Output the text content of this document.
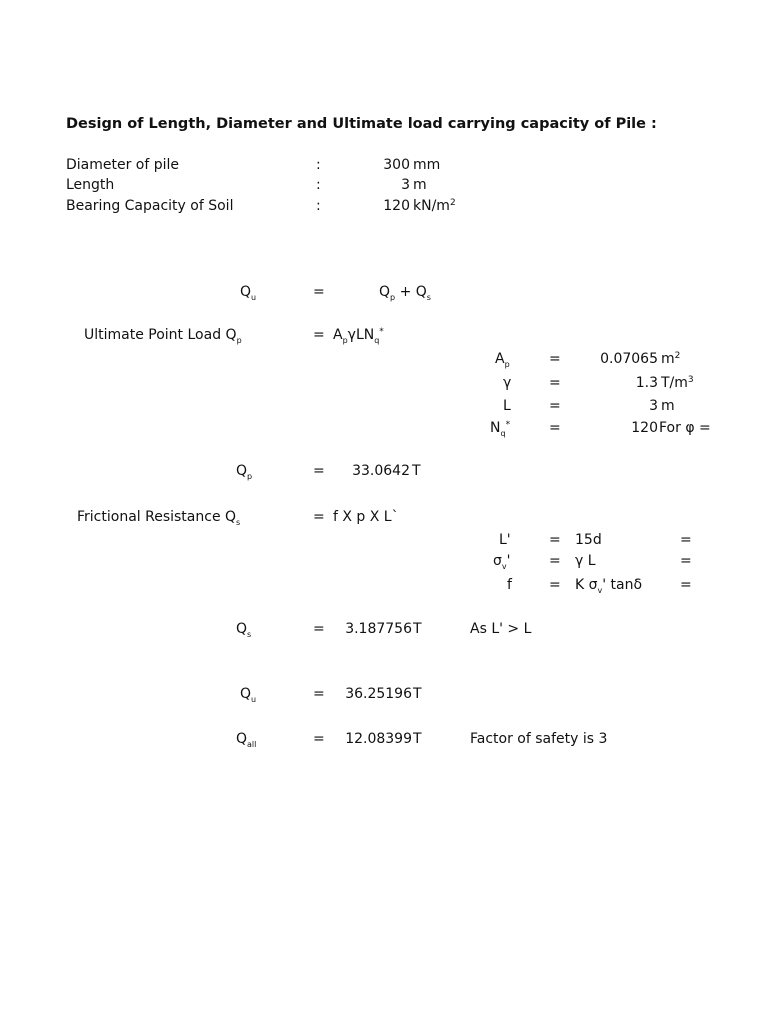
Design of Length, Diameter and Ultimate load carrying capacity of Pile :
Diameter of pile	:	300 mm
Length	:	3 m
Bearing Capacity of Soil	:	120 $kN/m^2$
$Q_u$	=	$Q_p + Q_s$
Ultimate Point Load $Q_p$	= $A_p\gamma LN_q^*$
$A_p$	=	0.07065 $m^2$
γ	=	1.3 $T/m^3$
L	=	3 m
$N_q^*$	=	120 For φ =
$Q_p$	=	33.0642 T
Frictional Resistance $Q_s$	= f X p X L`
L'	= 15d	=
$\sigma_v'$	= γ L	=
f	= K $\sigma_v'$ tanδ	=
$Q_s$	=	3.187756 T	As L' > L
$Q_u$	=	36.25196 T
$Q_{all}$	=	12.08399 T	Factor of safety is 3
